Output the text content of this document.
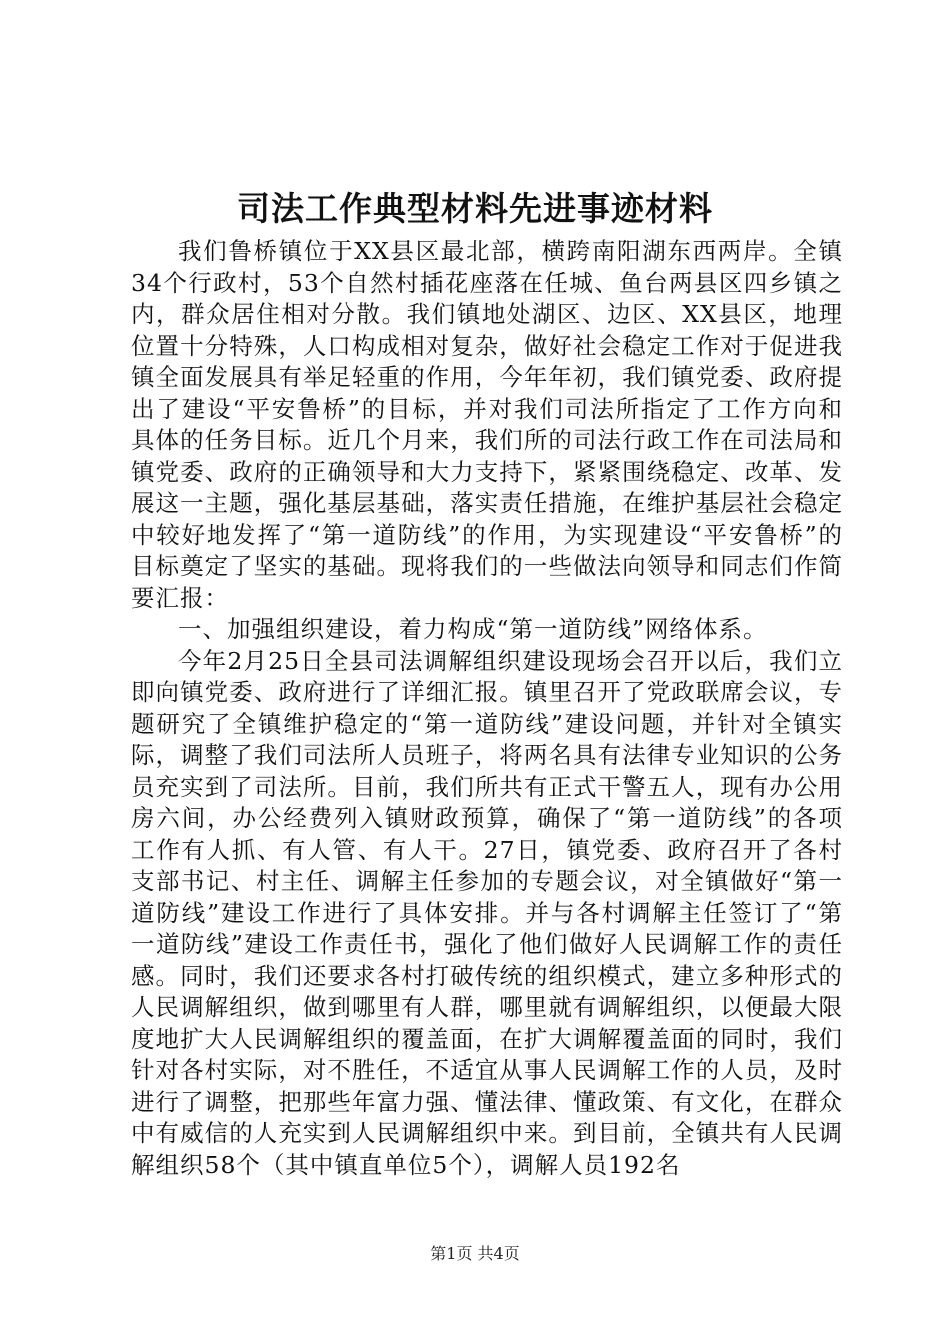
司法工作典型材料先进事迹材料

我们鲁桥镇位于XX县区最北部，横跨南阳湖东西两岸。全镇34个行政村，53个自然村插花座落在任城、鱼台两县区四乡镇之内，群众居住相对分散。我们镇地处湖区、边区、XX县区，地理位置十分特殊，人口构成相对复杂，做好社会稳定工作对于促进我镇全面发展具有举足轻重的作用，今年年初，我们镇党委、政府提出了建设“平安鲁桥”的目标，并对我们司法所指定了工作方向和具体的任务目标。近几个月来，我们所的司法行政工作在司法局和镇党委、政府的正确领导和大力支持下，紧紧围绕稳定、改革、发展这一主题，强化基层基础，落实责任措施，在维护基层社会稳定中较好地发挥了“第一道防线”的作用，为实现建设“平安鲁桥”的目标奠定了坚实的基础。现将我们的一些做法向领导和同志们作简要汇报：

一、加强组织建设，着力构成“第一道防线”网络体系。

今年2月25日全县司法调解组织建设现场会召开以后，我们立即向镇党委、政府进行了详细汇报。镇里召开了党政联席会议，专题研究了全镇维护稳定的“第一道防线”建设问题，并针对全镇实际，调整了我们司法所人员班子，将两名具有法律专业知识的公务员充实到了司法所。目前，我们所共有正式干警五人，现有办公用房六间，办公经费列入镇财政预算，确保了“第一道防线”的各项工作有人抓、有人管、有人干。27日，镇党委、政府召开了各村支部书记、村主任、调解主任参加的专题会议，对全镇做好“第一道防线”建设工作进行了具体安排。并与各村调解主任签订了“第一道防线”建设工作责任书，强化了他们做好人民调解工作的责任感。同时，我们还要求各村打破传统的组织模式，建立多种形式的人民调解组织，做到哪里有人群，哪里就有调解组织，以便最大限度地扩大人民调解组织的覆盖面，在扩大调解覆盖面的同时，我们针对各村实际，对不胜任，不适宜从事人民调解工作的人员，及时进行了调整，把那些年富力强、懂法律、懂政策、有文化，在群众中有威信的人充实到人民调解组织中来。到目前，全镇共有人民调解组织58个（其中镇直单位5个），调解人员192名

第1页 共4页
